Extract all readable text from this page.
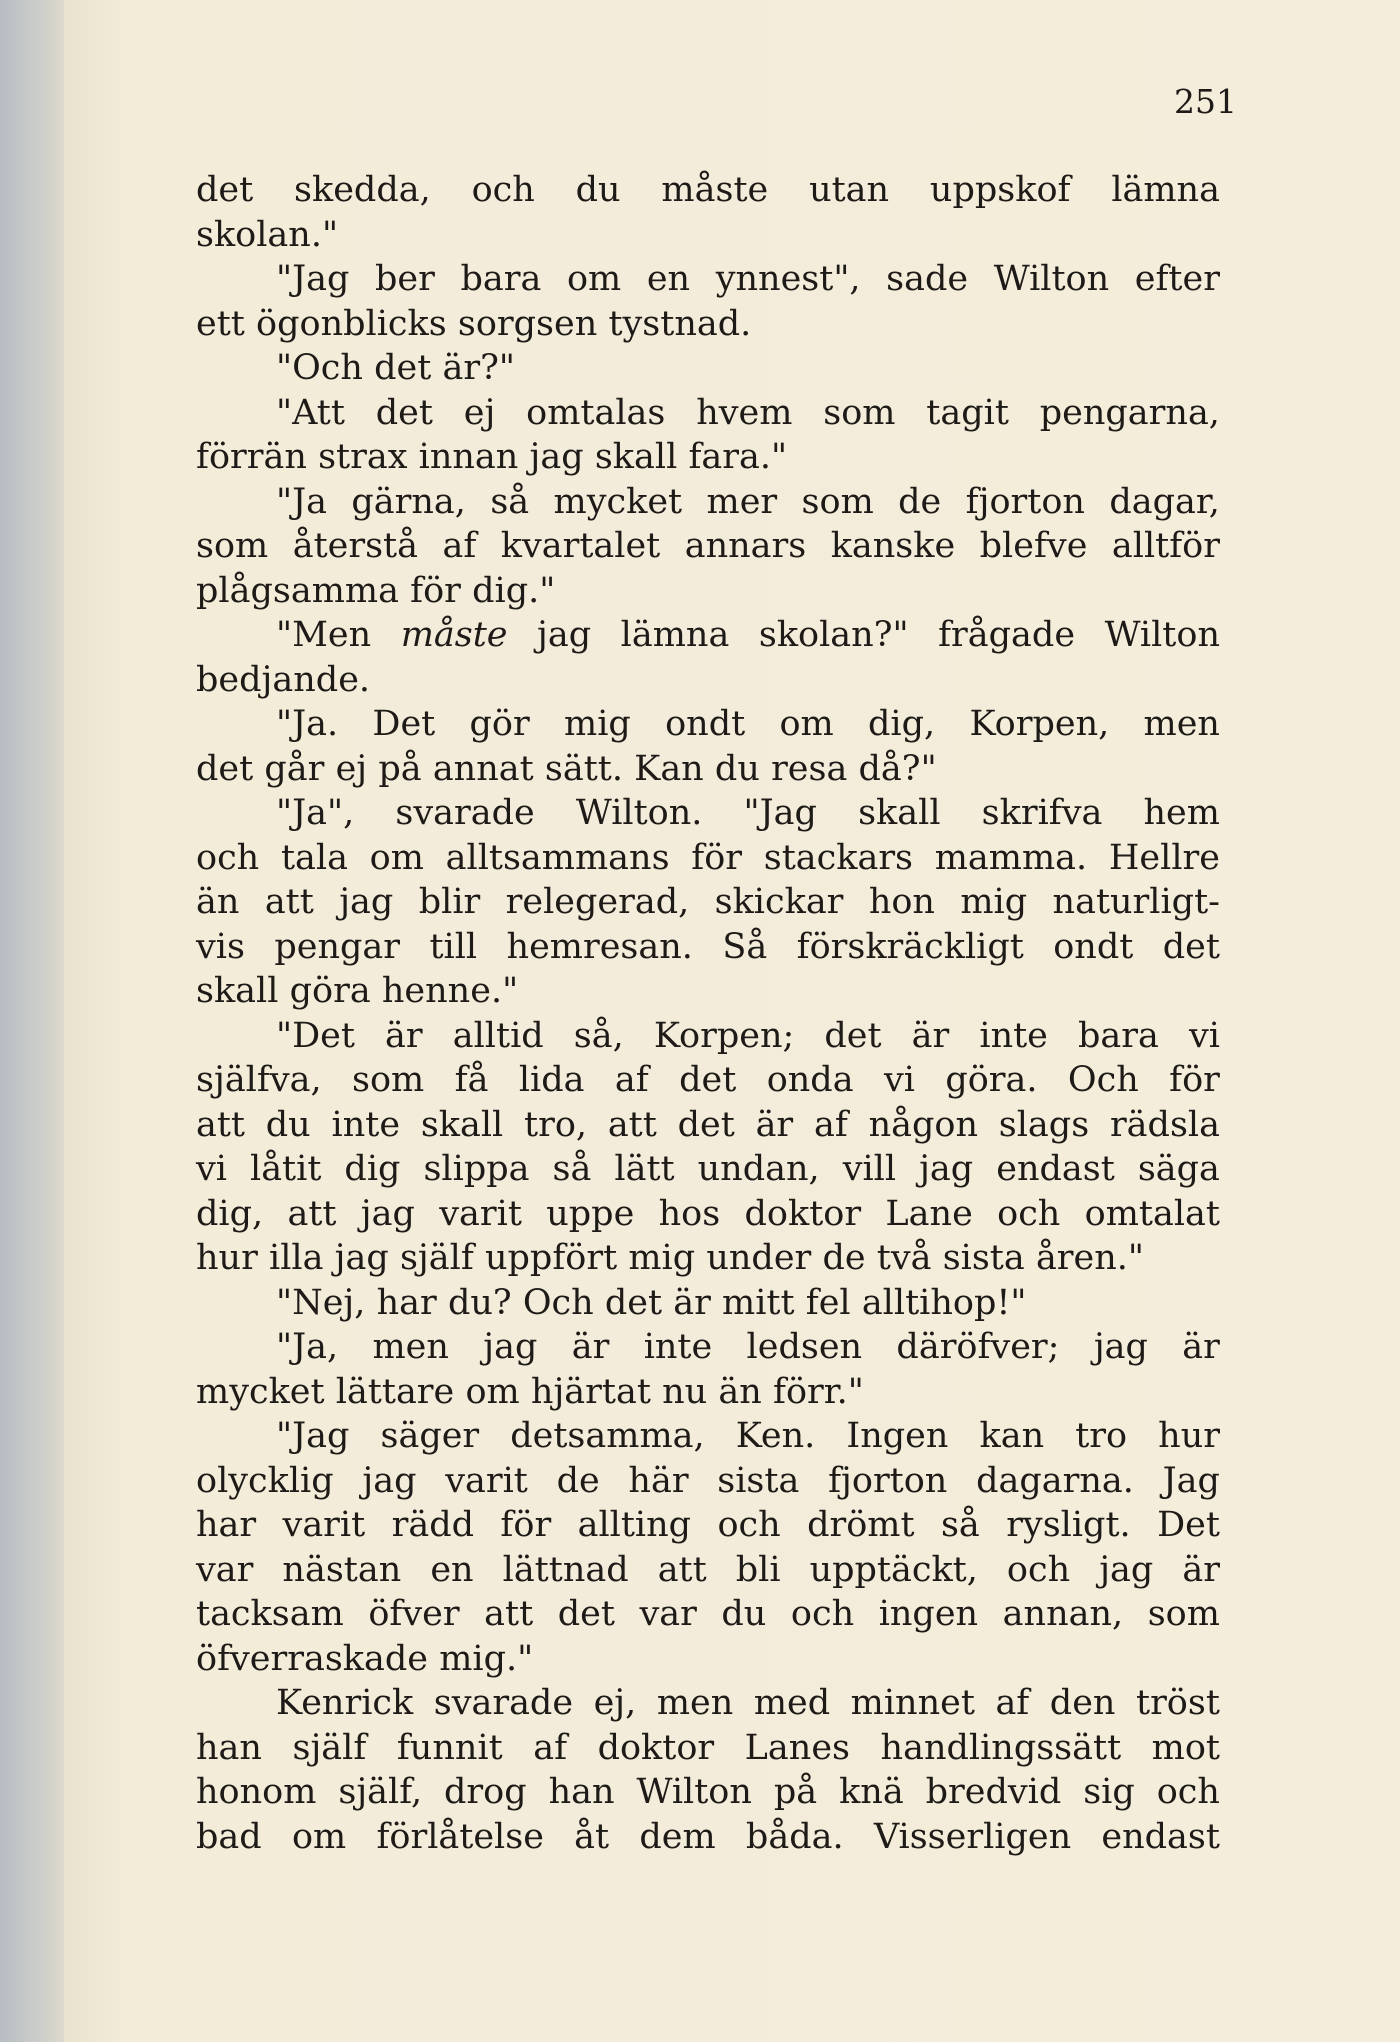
251
det skedda, och du måste utan uppskof lämna
skolan."
"Jag ber bara om en ynnest", sade Wilton efter
ett ögonblicks sorgsen tystnad.
"Och det är?"
"Att det ej omtalas hvem som tagit pengarna,
förrän strax innan jag skall fara."
"Ja gärna, så mycket mer som de fjorton dagar,
som återstå af kvartalet annars kanske blefve alltför
plågsamma för dig."
"Men måste jag lämna skolan?" frågade Wilton
bedjande.
"Ja. Det gör mig ondt om dig, Korpen, men
det går ej på annat sätt. Kan du resa då?"
"Ja", svarade Wilton. "Jag skall skrifva hem
och tala om alltsammans för stackars mamma. Hellre
än att jag blir relegerad, skickar hon mig naturligt-
vis pengar till hemresan. Så förskräckligt ondt det
skall göra henne."
"Det är alltid så, Korpen; det är inte bara vi
själfva, som få lida af det onda vi göra. Och för
att du inte skall tro, att det är af någon slags rädsla
vi låtit dig slippa så lätt undan, vill jag endast säga
dig, att jag varit uppe hos doktor Lane och omtalat
hur illa jag själf uppfört mig under de två sista åren."
"Nej, har du? Och det är mitt fel alltihop!"
"Ja, men jag är inte ledsen däröfver; jag är
mycket lättare om hjärtat nu än förr."
"Jag säger detsamma, Ken. Ingen kan tro hur
olycklig jag varit de här sista fjorton dagarna. Jag
har varit rädd för allting och drömt så rysligt. Det
var nästan en lättnad att bli upptäckt, och jag är
tacksam öfver att det var du och ingen annan, som
öfverraskade mig."
Kenrick svarade ej, men med minnet af den tröst
han själf funnit af doktor Lanes handlingssätt mot
honom själf, drog han Wilton på knä bredvid sig och
bad om förlåtelse åt dem båda. Visserligen endast
